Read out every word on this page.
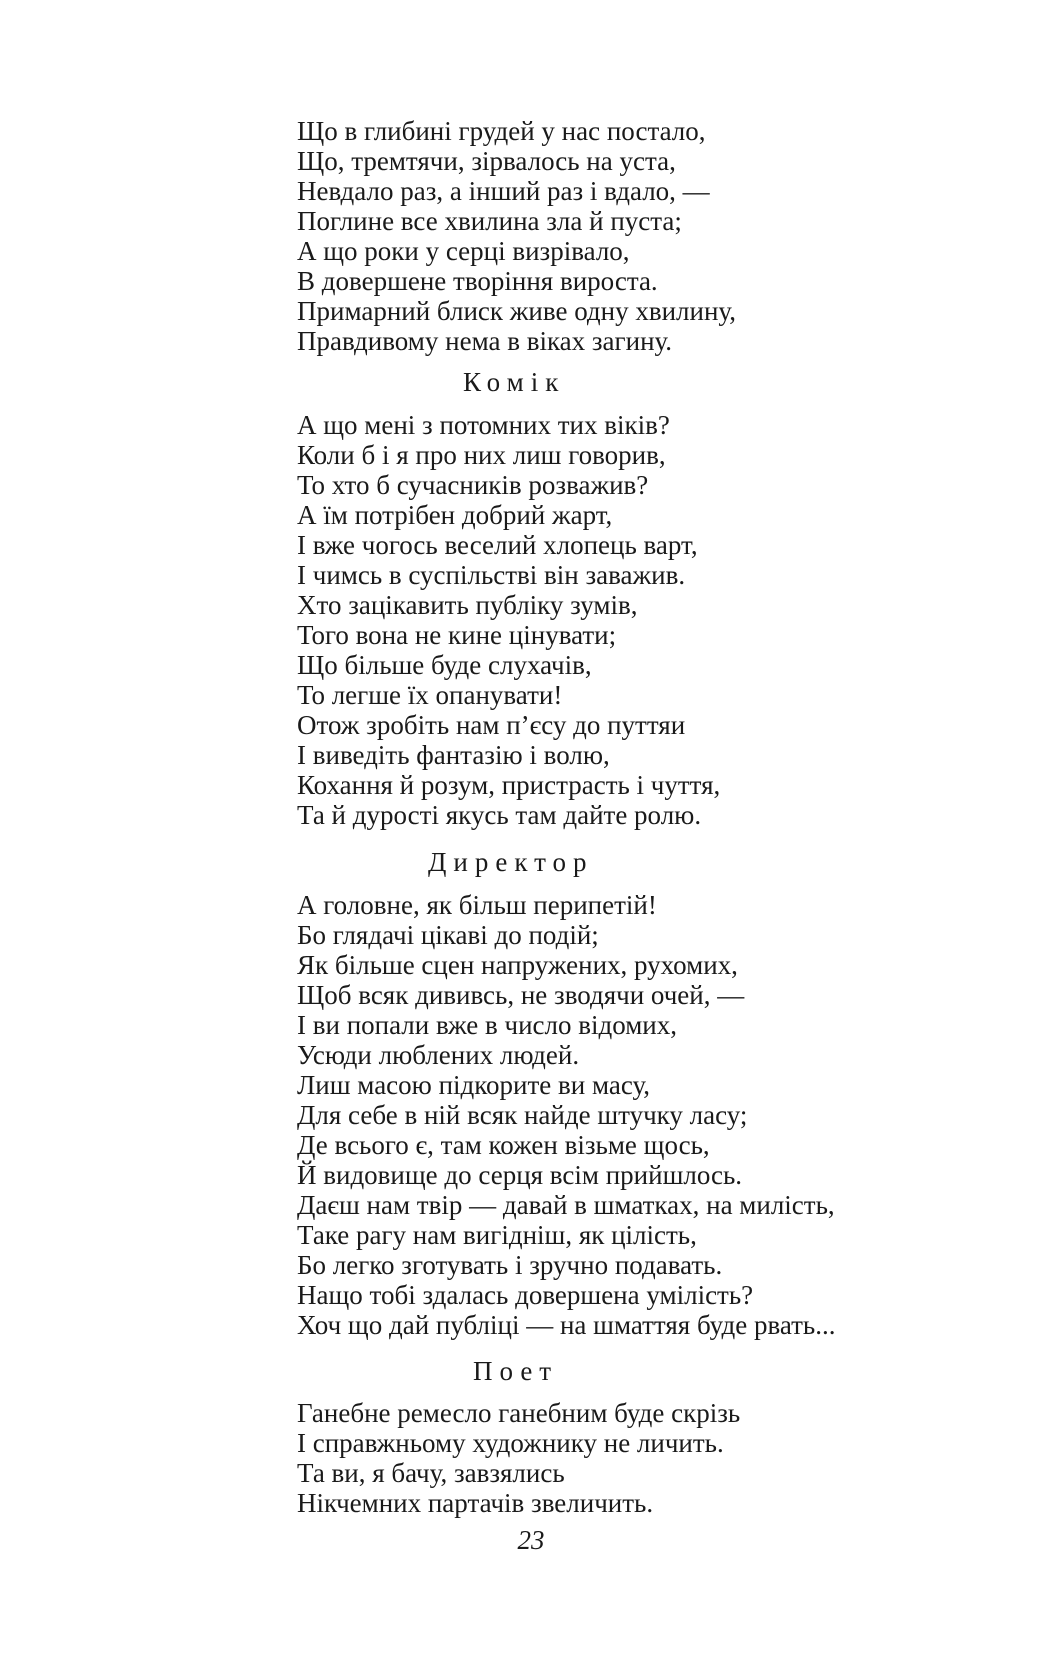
Що в глибині грудей у нас постало,
Що, тремтячи, зірвалось на уста,
Невдало раз, а інший раз і вдало, —
Поглине все хвилина зла й пуста;
А що роки у серці визрівало,
В довершене творіння вироста.
Примарний блиск живе одну хвилину,
Правдивому нема в віках загину.
Комік
А що мені з потомних тих віків?
Коли б і я про них лиш говорив,
То хто б сучасників розважив?
А їм потрібен добрий жарт,
І вже чогось веселий хлопець варт,
І чимсь в суспільстві він заважив.
Хто зацікавить публіку зумів,
Того вона не кине цінувати;
Що більше буде слухачів,
То легше їх опанувати!
Отож зробіть нам п’єсу до путтяи
І виведіть фантазію і волю,
Кохання й розум, пристрасть і чуття,
Та й дурості якусь там дайте ролю.
Директор
А головне, як більш перипетій!
Бо глядачі цікаві до подій;
Як більше сцен напружених, рухомих,
Щоб всяк дививсь, не зводячи очей, —
І ви попали вже в число відомих,
Усюди люблених людей.
Лиш масою підкорите ви масу,
Для себе в ній всяк найде штучку ласу;
Де всього є, там кожен візьме щось,
Й видовище до серця всім прийшлось.
Даєш нам твір — давай в шматках, на милість,
Таке рагу нам вигідніш, як цілість,
Бо легко зготувать і зручно подавать.
Нащо тобі здалась довершена умілість?
Хоч що дай публіці — на шматтяя буде рвать...
Поет
Ганебне ремесло ганебним буде скрізь
І справжньому художнику не личить.
Та ви, я бачу, завзялись
Нікчемних партачів звеличить.
23
